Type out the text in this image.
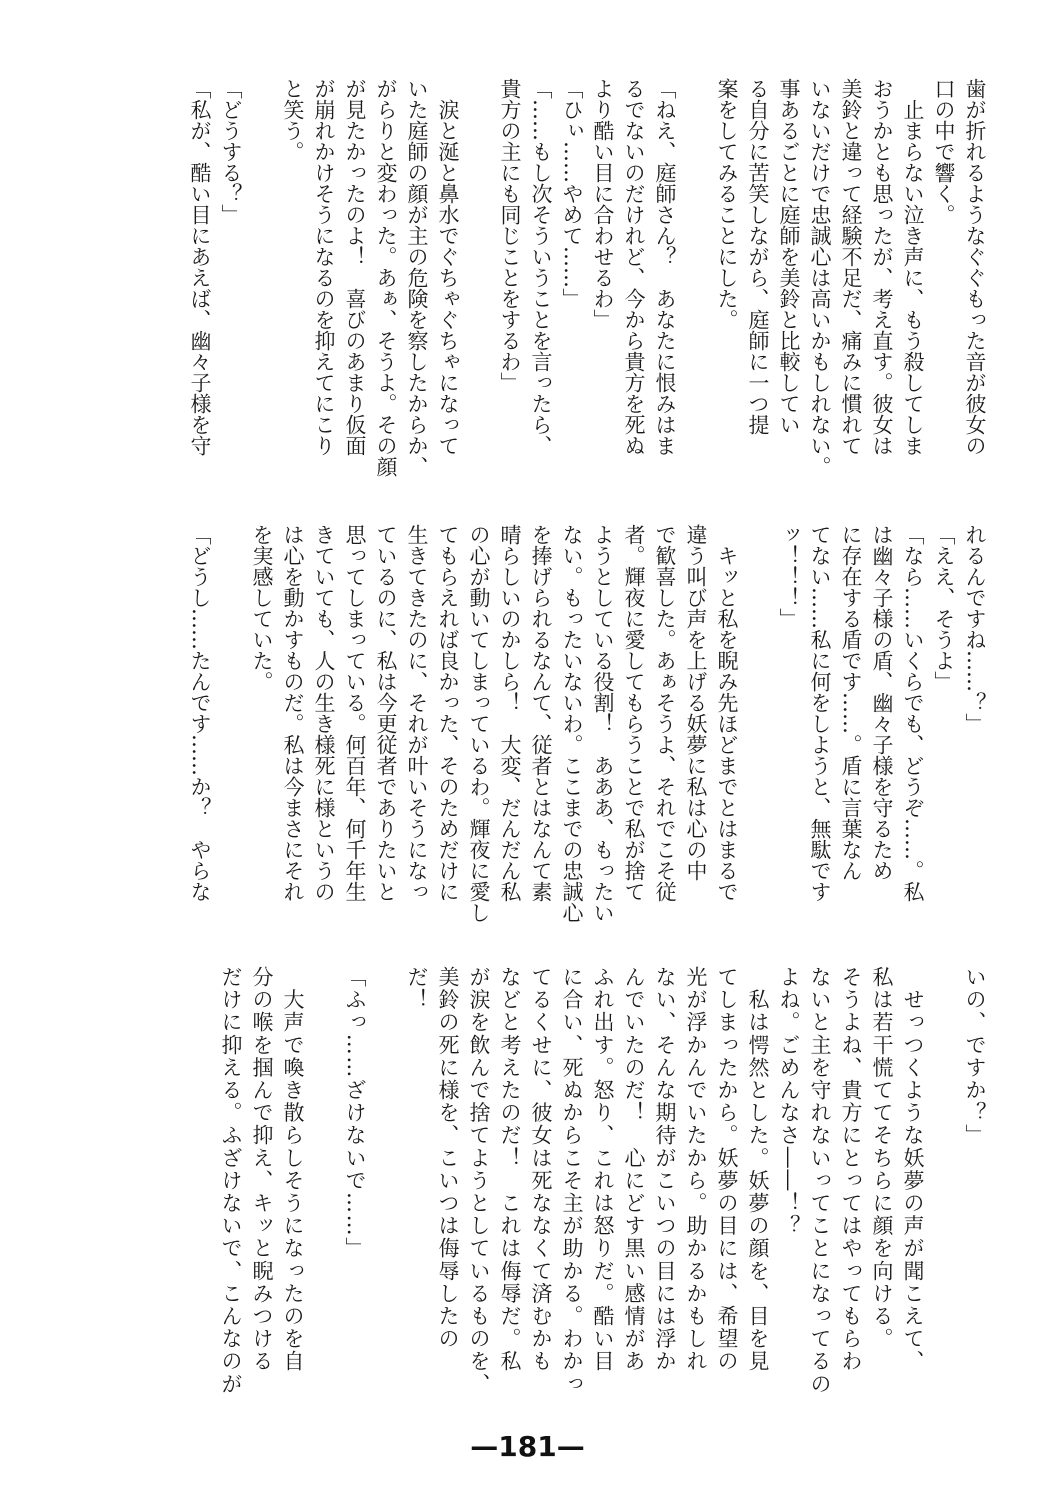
歯が折れるようなぐぐもった音が彼女の
口の中で響く。
　止まらない泣き声に、もう殺してしま
おうかとも思ったが、考え直す。彼女は
美鈴と違って経験不足だ、痛みに慣れて
いないだけで忠誠心は高いかもしれない。
事あるごとに庭師を美鈴と比較してい
る自分に苦笑しながら、庭師に一つ提
案をしてみることにした。
「ねえ、庭師さん？　あなたに恨みはま
るでないのだけれど、今から貴方を死ぬ
より酷い目に合わせるわ」
「ひぃ……やめて……」
「……もし次そういうことを言ったら、
貴方の主にも同じことをするわ」
　涙と涎と鼻水でぐちゃぐちゃになって
いた庭師の顔が主の危険を察したからか、
がらりと変わった。あぁ、そうよ。その顔
が見たかったのよ！　喜びのあまり仮面
が崩れかけそうになるのを抑えてにこり
と笑う。
「どうする？」
「私が、酷い目にあえば、幽々子様を守
れるんですね……？」
「ええ、そうよ」
「なら……いくらでも、どうぞ……。私
は幽々子様の盾、幽々子様を守るため
に存在する盾です……。盾に言葉なん
てない……私に何をしようと、無駄です
ッ！！！」
　キッと私を睨み先ほどまでとはまるで
違う叫び声を上げる妖夢に私は心の中
で歓喜した。あぁそうよ、それでこそ従
者。輝夜に愛してもらうことで私が捨て
ようとしている役割！　あああ、もったい
ない。もったいないわ。ここまでの忠誠心
を捧げられるなんて、従者とはなんて素
晴らしいのかしら！　大変、だんだん私
の心が動いてしまっているわ。輝夜に愛し
てもらえれば良かった、そのためだけに
生きてきたのに、それが叶いそうになっ
ているのに、私は今更従者でありたいと
思ってしまっている。何百年、何千年生
きていても、人の生き様死に様というの
は心を動かすものだ。私は今まさにそれ
を実感していた。
「どうし……たんです……か？　やらな
いの、ですか？」
　せっつくような妖夢の声が聞こえて、
私は若干慌ててそちらに顔を向ける。
そうよね、貴方にとってはやってもらわ
ないと主を守れないってことになってるの
よね。ごめんなさ――！？
　私は愕然とした。妖夢の顔を、目を見
てしまったから。妖夢の目には、希望の
光が浮かんでいたから。助かるかもしれ
ない、そんな期待がこいつの目には浮か
んでいたのだ！　心にどす黒い感情があ
ふれ出す。怒り、これは怒りだ。酷い目
に合い、死ぬからこそ主が助かる。わかっ
てるくせに、彼女は死ななくて済むかも
などと考えたのだ！　これは侮辱だ。私
が涙を飲んで捨てようとしているものを、
美鈴の死に様を、こいつは侮辱したの
だ！
「ふっ……ざけないで……」
　大声で喚き散らしそうになったのを自
分の喉を掴んで抑え、キッと睨みつける
だけに抑える。ふざけないで、こんなのが
—181—
